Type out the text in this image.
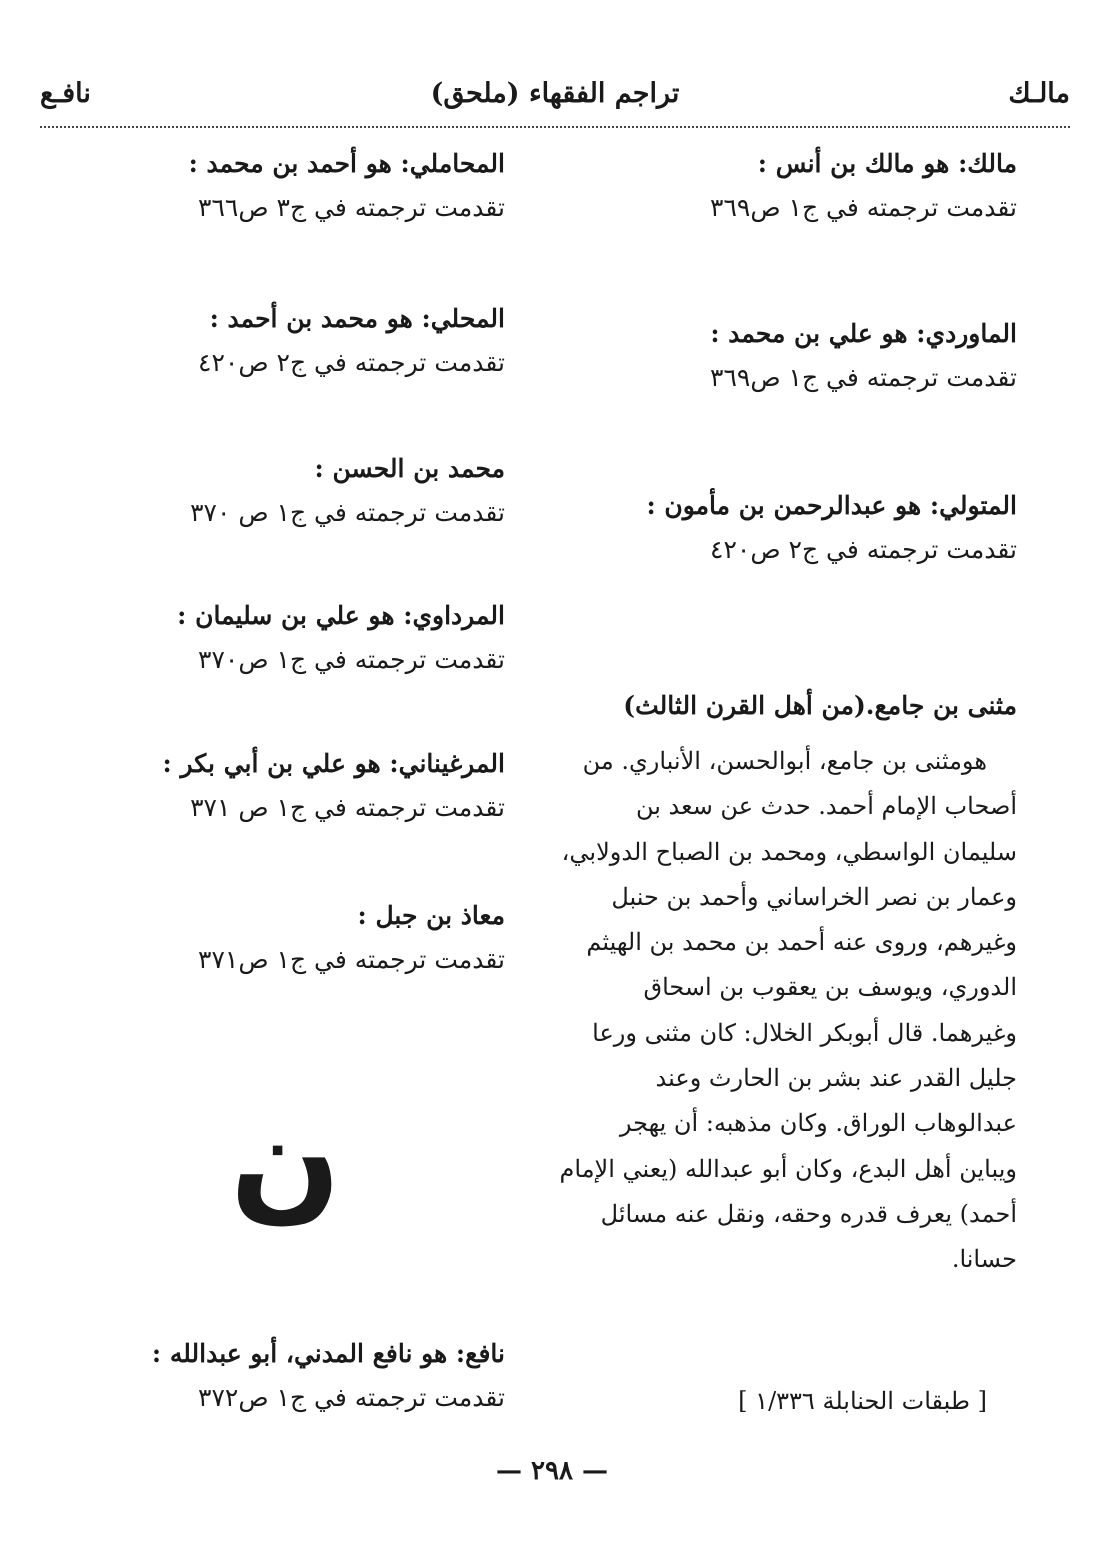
مالـك
(ملحق) تراجم الفقهاء
نافـع
مالك: هو مالك بن أنس :
تقدمت ترجمته في ج١ ص٣٦٩
الماوردي: هو علي بن محمد :
تقدمت ترجمته في ج١ ص٣٦٩
المتولي: هو عبدالرحمن بن مأمون :
تقدمت ترجمته في ج٢ ص٤٢٠
مثنى بن جامع.(من أهل القرن الثالث)
هومثنى بن جامع، أبوالحسن، الأنباري. من أصحاب الإمام أحمد. حدث عن سعد بن سليمان الواسطي، ومحمد بن الصباح الدولابي، وعمار بن نصر الخراساني وأحمد بن حنبل وغيرهم، وروى عنه أحمد بن محمد بن الهيثم الدوري، ويوسف بن يعقوب بن اسحاق وغيرهما. قال أبوبكر الخلال: كان مثنى ورعا جليل القدر عند بشر بن الحارث وعند عبدالوهاب الوراق. وكان مذهبه: أن يهجر ويباين أهل البدع، وكان أبو عبدالله (يعني الإمام أحمد) يعرف قدره وحقه، ونقل عنه مسائل حسانا.
[ طبقات الحنابلة ١/٣٣٦ ]
المحاملي: هو أحمد بن محمد :
تقدمت ترجمته في ج٣ ص٣٦٦
المحلي: هو محمد بن أحمد :
تقدمت ترجمته في ج٢ ص٤٢٠
محمد بن الحسن :
تقدمت ترجمته في ج١ ص ٣٧٠
المرداوي: هو علي بن سليمان :
تقدمت ترجمته في ج١ ص٣٧٠
المرغيناني: هو علي بن أبي بكر :
تقدمت ترجمته في ج١ ص ٣٧١
معاذ بن جبل :
تقدمت ترجمته في ج١ ص٣٧١
نافع: هو نافع المدني، أبو عبدالله :
تقدمت ترجمته في ج١ ص٣٧٢
ن
— ٢٩٨ —
